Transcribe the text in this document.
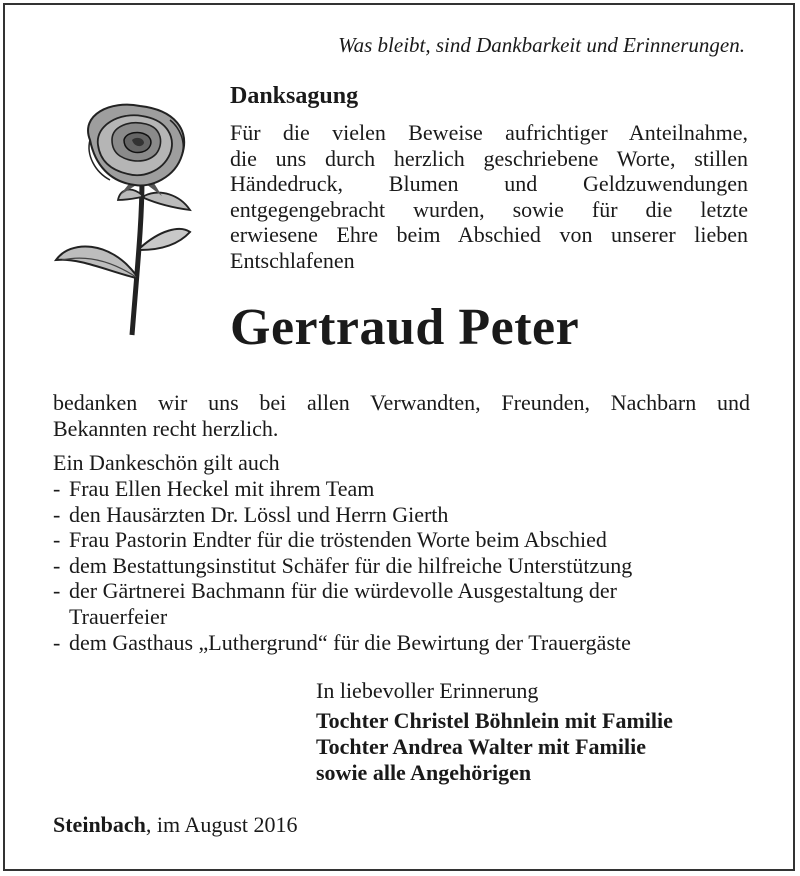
Was bleibt, sind Dankbarkeit und Erinnerungen.
Danksagung
Für die vielen Beweise aufrichtiger Anteilnahme,
die uns durch herzlich geschriebene Worte, stillen
Händedruck, Blumen und Geldzuwendungen
entgegengebracht wurden, sowie für die letzte
erwiesene Ehre beim Abschied von unserer lieben
Entschlafenen
Gertraud Peter
bedanken wir uns bei allen Verwandten, Freunden, Nachbarn und
Bekannten recht herzlich.
Ein Dankeschön gilt auch
- Frau Ellen Heckel mit ihrem Team
- den Hausärzten Dr. Lössl und Herrn Gierth
- Frau Pastorin Endter für die tröstenden Worte beim Abschied
- dem Bestattungsinstitut Schäfer für die hilfreiche Unterstützung
- der Gärtnerei Bachmann für die würdevolle Ausgestaltung der Trauerfeier
- dem Gasthaus „Luthergrund“ für die Bewirtung der Trauergäste
In liebevoller Erinnerung
Tochter Christel Böhnlein mit Familie
Tochter Andrea Walter mit Familie
sowie alle Angehörigen
Steinbach, im August 2016
